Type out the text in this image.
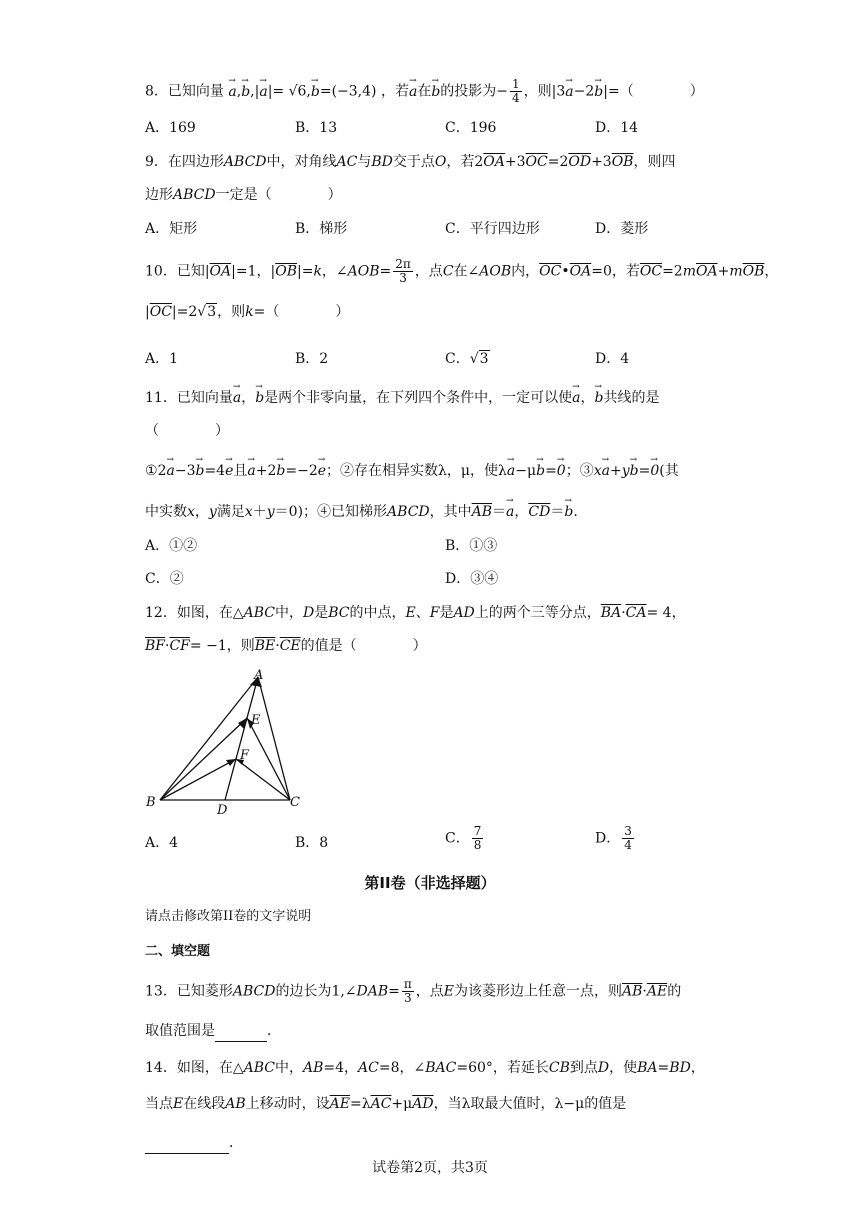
8．已知向量 → a,→ b,|→ a|= √6,→ b=(−3,4) ，若→ a在→ b的投影为− $\frac{1}{4}$ ，则|3→ a−2→ b|=（　　　　）
A．169	B．13	C．196	D．14
9．在四边形ABCD中，对角线AC与BD交于点O，若$2\overline{OA}+3\overline{OC}=2\overline{OD}+3\overline{OB}$，则四
边形ABCD一定是（　　　　）
A．矩形	B．梯形	C．平行四边形	D．菱形
10．已知$|\overline{OA}|=1$，$|\overline{OB}|=k$，∠AOB= $\frac{2\pi}{3}$ ，点C在∠AOB内，$\overline{OC}•\overline{OA}=0$，若$\overline{OC}=2m\overline{OA}+m\overline{OB}$，
$|\overline{OC}|=2√3$，则k=（　　　　）
A．1	B．2	C．√3	D．4
11．已知向量→ a，→ b是两个非零向量，在下列四个条件中，一定可以使→ a，→ b共线的是
（　　　　）
①2→ a−3→ b=4→ e且→ a+2→ b=−2→ e；②存在相异实数λ，μ，使λ→ a−μ→ b=→ 0；③x→ a+y→ b=→ 0(其
中实数x，y满足x＋y＝0)；④已知梯形ABCD，其中$\overline{AB}=\to a$，$\overline{CD}=\to b$.
A．①②	B．①③
C．②	D．③④
12．如图，在△ABC中，D是BC的中点，E、F是AD上的两个三等分点，$\overline{BA}\cdot\overline{CA}= 4$，
$\overline{BF}\cdot\overline{CF}= -1$，则$\overline{BE}\cdot\overline{CE}$的值是（　　　　）
A
E
F
B
D
C
A．4	B．8	C． $\frac{7}{8}$	D． $\frac{3}{4}$
第II卷（非选择题）
请点击修改第II卷的文字说明
二、填空题
13．已知菱形ABCD的边长为1,∠DAB= $\frac{\pi}{3}$ ，点E为该菱形边上任意一点，则$\overline{AB}\cdot\overline{AE}$的
取值范围是	．
14．如图，在△ABC中，AB=4，AC=8，∠BAC=60°，若延长CB到点D，使BA=BD，
当点E在线段AB上移动时，设$\overline{AE}=\lambda\overline{AC}+\mu\overline{AD}$，当λ取最大值时，λ−μ的值是
．
试卷第2页，共3页
